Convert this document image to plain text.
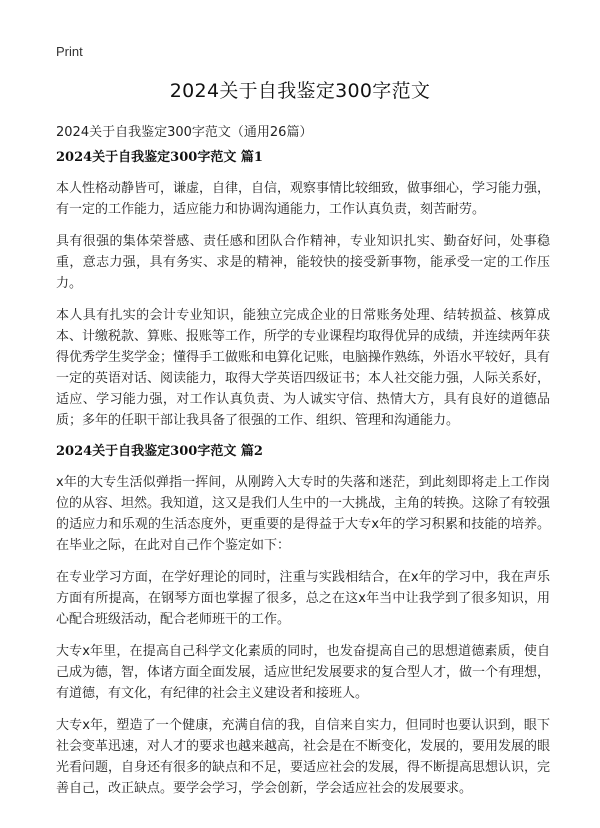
Print
2024关于自我鉴定300字范文
2024关于自我鉴定300字范文（通用26篇）
2024关于自我鉴定300字范文 篇1

本人性格动静皆可，谦虚，自律，自信，观察事情比较细致，做事细心，学习能力强，有一定的工作能力，适应能力和协调沟通能力，工作认真负责，刻苦耐劳。

具有很强的集体荣誉感、责任感和团队合作精神，专业知识扎实、勤奋好问，处事稳重，意志力强，具有务实、求是的精神，能较快的接受新事物，能承受一定的工作压力。

本人具有扎实的会计专业知识，能独立完成企业的日常账务处理、结转损益、核算成本、计缴税款、算账、报账等工作，所学的专业课程均取得优异的成绩，并连续两年获得优秀学生奖学金；懂得手工做账和电算化记账，电脑操作熟练，外语水平较好，具有一定的英语对话、阅读能力，取得大学英语四级证书；本人社交能力强，人际关系好，适应、学习能力强，对工作认真负责、为人诚实守信、热情大方，具有良好的道德品质；多年的任职干部让我具备了很强的工作、组织、管理和沟通能力。

2024关于自我鉴定300字范文 篇2

x年的大专生活似弹指一挥间，从刚跨入大专时的失落和迷茫，到此刻即将走上工作岗位的从容、坦然。我知道，这又是我们人生中的一大挑战，主角的转换。这除了有较强的适应力和乐观的生活态度外，更重要的是得益于大专x年的学习积累和技能的培养。在毕业之际，在此对自己作个鉴定如下：

在专业学习方面，在学好理论的同时，注重与实践相结合，在x年的学习中，我在声乐方面有所提高，在钢琴方面也掌握了很多，总之在这x年当中让我学到了很多知识，用心配合班级活动，配合老师班干的工作。

大专x年里，在提高自己科学文化素质的同时，也发奋提高自己的思想道德素质，使自己成为德，智，体诸方面全面发展，适应世纪发展要求的复合型人才，做一个有理想，有道德，有文化，有纪律的社会主义建设者和接班人。

大专x年，塑造了一个健康，充满自信的我，自信来自实力，但同时也要认识到，眼下社会变革迅速，对人才的要求也越来越高，社会是在不断变化，发展的，要用发展的眼光看问题，自身还有很多的缺点和不足，要适应社会的发展，得不断提高思想认识，完善自己，改正缺点。要学会学习，学会创新，学会适应社会的发展要求。
